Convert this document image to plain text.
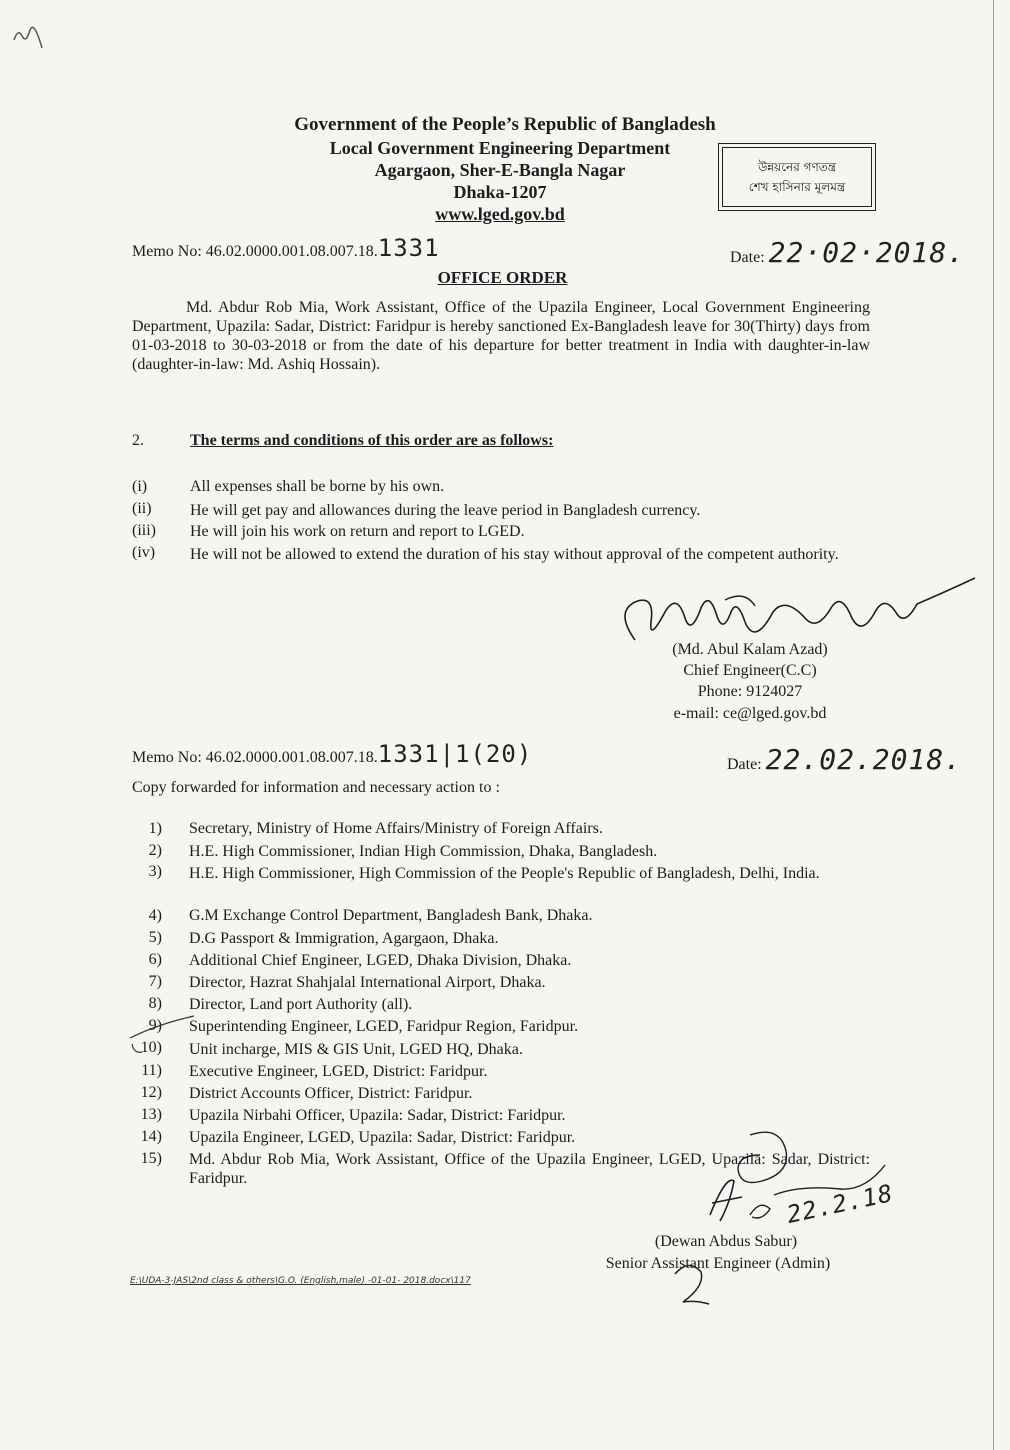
Government of the People’s Republic of Bangladesh
Local Government Engineering Department
Agargaon, Sher-E-Bangla Nagar
Dhaka-1207
www.lged.gov.bd
উন্নয়নের গণতন্ত্র
শেখ হাসিনার মূলমন্ত্র
Memo No: 46.02.0000.001.08.007.18.1331	Date: 22·02·2018.
OFFICE ORDER
Md. Abdur Rob Mia, Work Assistant, Office of the Upazila Engineer, Local Government Engineering Department, Upazila: Sadar, District: Faridpur is hereby sanctioned Ex-Bangladesh leave for 30(Thirty) days from 01-03-2018 to 30-03-2018 or from the date of his departure for better treatment in India with daughter-in-law (daughter-in-law: Md. Ashiq Hossain).
2.	The terms and conditions of this order are as follows:
(i)	All expenses shall be borne by his own.
(ii)	He will get pay and allowances during the leave period in Bangladesh currency.
(iii)	He will join his work on return and report to LGED.
(iv)	He will not be allowed to extend the duration of his stay without approval of the competent authority.
(Md. Abul Kalam Azad)
Chief Engineer(C.C)
Phone: 9124027
e-mail: ce@lged.gov.bd
Memo No: 46.02.0000.001.08.007.18.1331|1(20)	Date: 22.02.2018.
Copy forwarded for information and necessary action to :
1) Secretary, Ministry of Home Affairs/Ministry of Foreign Affairs.
2) H.E. High Commissioner, Indian High Commission, Dhaka, Bangladesh.
3) H.E. High Commissioner, High Commission of the People's Republic of Bangladesh, Delhi, India.
4) G.M Exchange Control Department, Bangladesh Bank, Dhaka.
5) D.G Passport & Immigration, Agargaon, Dhaka.
6) Additional Chief Engineer, LGED, Dhaka Division, Dhaka.
7) Director, Hazrat Shahjalal International Airport, Dhaka.
8) Director, Land port Authority (all).
9) Superintending Engineer, LGED, Faridpur Region, Faridpur.
10) Unit incharge, MIS & GIS Unit, LGED HQ, Dhaka.
11) Executive Engineer, LGED, District: Faridpur.
12) District Accounts Officer, District: Faridpur.
13) Upazila Nirbahi Officer, Upazila: Sadar, District: Faridpur.
14) Upazila Engineer, LGED, Upazila: Sadar, District: Faridpur.
15) Md. Abdur Rob Mia, Work Assistant, Office of the Upazila Engineer, LGED, Upazila: Sadar, District: Faridpur.
22.2.18
(Dewan Abdus Sabur)
Senior Assistant Engineer (Admin)
E:\UDA-3-JAS\2nd class & others\G.O. (English,male) -01-01- 2018.docx\117
